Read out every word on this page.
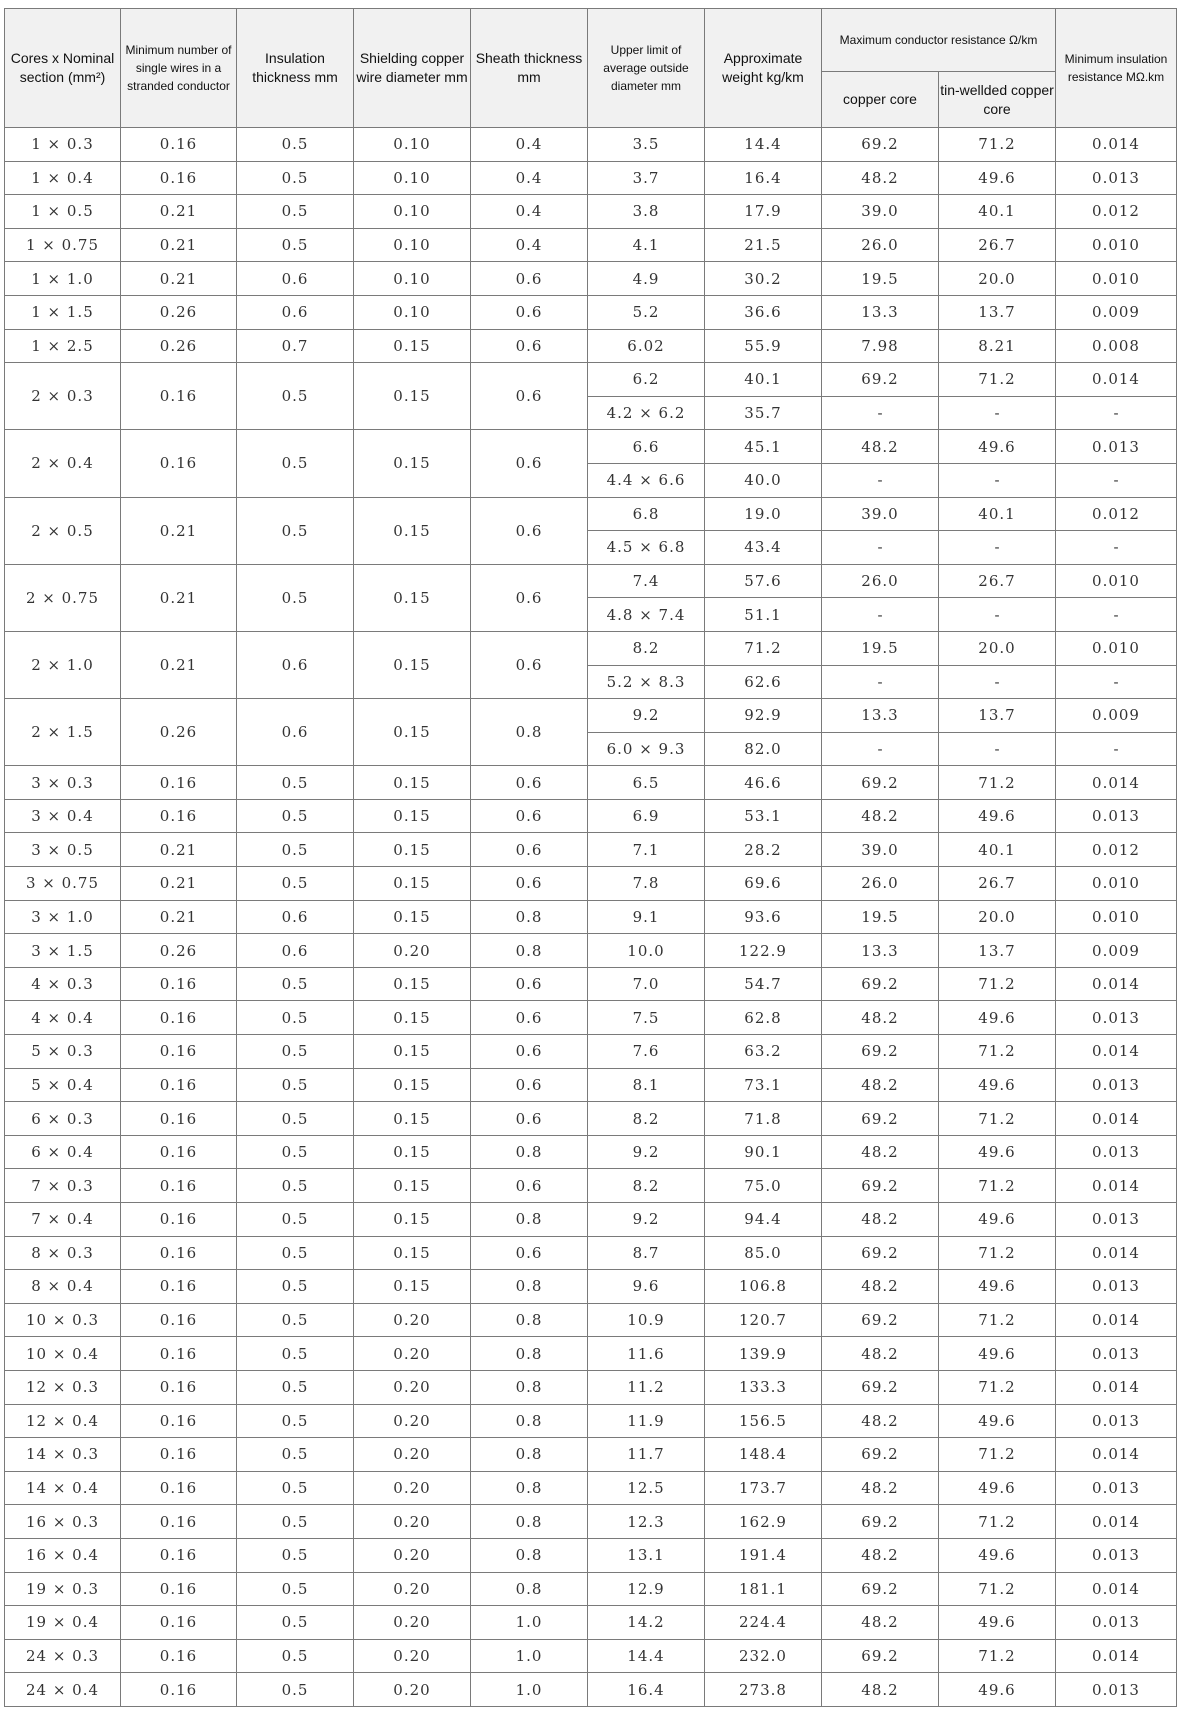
Cores x Nominal section (mm²)	Minimum number of single wires in a stranded conductor	Insulation thickness mm	Shielding copper wire diameter mm	Sheath thickness mm	Upper limit of average outside diameter mm	Approximate weight kg/km	Maximum conductor resistance Ω/km		Minimum insulation resistance MΩ.km
							copper core	tin-wellded copper core	
1 × 0.3	0.16	0.5	0.10	0.4	3.5	14.4	69.2	71.2	0.014
1 × 0.4	0.16	0.5	0.10	0.4	3.7	16.4	48.2	49.6	0.013
1 × 0.5	0.21	0.5	0.10	0.4	3.8	17.9	39.0	40.1	0.012
1 × 0.75	0.21	0.5	0.10	0.4	4.1	21.5	26.0	26.7	0.010
1 × 1.0	0.21	0.6	0.10	0.6	4.9	30.2	19.5	20.0	0.010
1 × 1.5	0.26	0.6	0.10	0.6	5.2	36.6	13.3	13.7	0.009
1 × 2.5	0.26	0.7	0.15	0.6	6.02	55.9	7.98	8.21	0.008
2 × 0.3	0.16	0.5	0.15	0.6	6.2	40.1	69.2	71.2	0.014
					4.2 × 6.2	35.7	-	-	-
2 × 0.4	0.16	0.5	0.15	0.6	6.6	45.1	48.2	49.6	0.013
					4.4 × 6.6	40.0	-	-	-
2 × 0.5	0.21	0.5	0.15	0.6	6.8	19.0	39.0	40.1	0.012
					4.5 × 6.8	43.4	-	-	-
2 × 0.75	0.21	0.5	0.15	0.6	7.4	57.6	26.0	26.7	0.010
					4.8 × 7.4	51.1	-	-	-
2 × 1.0	0.21	0.6	0.15	0.6	8.2	71.2	19.5	20.0	0.010
					5.2 × 8.3	62.6	-	-	-
2 × 1.5	0.26	0.6	0.15	0.8	9.2	92.9	13.3	13.7	0.009
					6.0 × 9.3	82.0	-	-	-
3 × 0.3	0.16	0.5	0.15	0.6	6.5	46.6	69.2	71.2	0.014
3 × 0.4	0.16	0.5	0.15	0.6	6.9	53.1	48.2	49.6	0.013
3 × 0.5	0.21	0.5	0.15	0.6	7.1	28.2	39.0	40.1	0.012
3 × 0.75	0.21	0.5	0.15	0.6	7.8	69.6	26.0	26.7	0.010
3 × 1.0	0.21	0.6	0.15	0.8	9.1	93.6	19.5	20.0	0.010
3 × 1.5	0.26	0.6	0.20	0.8	10.0	122.9	13.3	13.7	0.009
4 × 0.3	0.16	0.5	0.15	0.6	7.0	54.7	69.2	71.2	0.014
4 × 0.4	0.16	0.5	0.15	0.6	7.5	62.8	48.2	49.6	0.013
5 × 0.3	0.16	0.5	0.15	0.6	7.6	63.2	69.2	71.2	0.014
5 × 0.4	0.16	0.5	0.15	0.6	8.1	73.1	48.2	49.6	0.013
6 × 0.3	0.16	0.5	0.15	0.6	8.2	71.8	69.2	71.2	0.014
6 × 0.4	0.16	0.5	0.15	0.8	9.2	90.1	48.2	49.6	0.013
7 × 0.3	0.16	0.5	0.15	0.6	8.2	75.0	69.2	71.2	0.014
7 × 0.4	0.16	0.5	0.15	0.8	9.2	94.4	48.2	49.6	0.013
8 × 0.3	0.16	0.5	0.15	0.6	8.7	85.0	69.2	71.2	0.014
8 × 0.4	0.16	0.5	0.15	0.8	9.6	106.8	48.2	49.6	0.013
10 × 0.3	0.16	0.5	0.20	0.8	10.9	120.7	69.2	71.2	0.014
10 × 0.4	0.16	0.5	0.20	0.8	11.6	139.9	48.2	49.6	0.013
12 × 0.3	0.16	0.5	0.20	0.8	11.2	133.3	69.2	71.2	0.014
12 × 0.4	0.16	0.5	0.20	0.8	11.9	156.5	48.2	49.6	0.013
14 × 0.3	0.16	0.5	0.20	0.8	11.7	148.4	69.2	71.2	0.014
14 × 0.4	0.16	0.5	0.20	0.8	12.5	173.7	48.2	49.6	0.013
16 × 0.3	0.16	0.5	0.20	0.8	12.3	162.9	69.2	71.2	0.014
16 × 0.4	0.16	0.5	0.20	0.8	13.1	191.4	48.2	49.6	0.013
19 × 0.3	0.16	0.5	0.20	0.8	12.9	181.1	69.2	71.2	0.014
19 × 0.4	0.16	0.5	0.20	1.0	14.2	224.4	48.2	49.6	0.013
24 × 0.3	0.16	0.5	0.20	1.0	14.4	232.0	69.2	71.2	0.014
24 × 0.4	0.16	0.5	0.20	1.0	16.4	273.8	48.2	49.6	0.013
